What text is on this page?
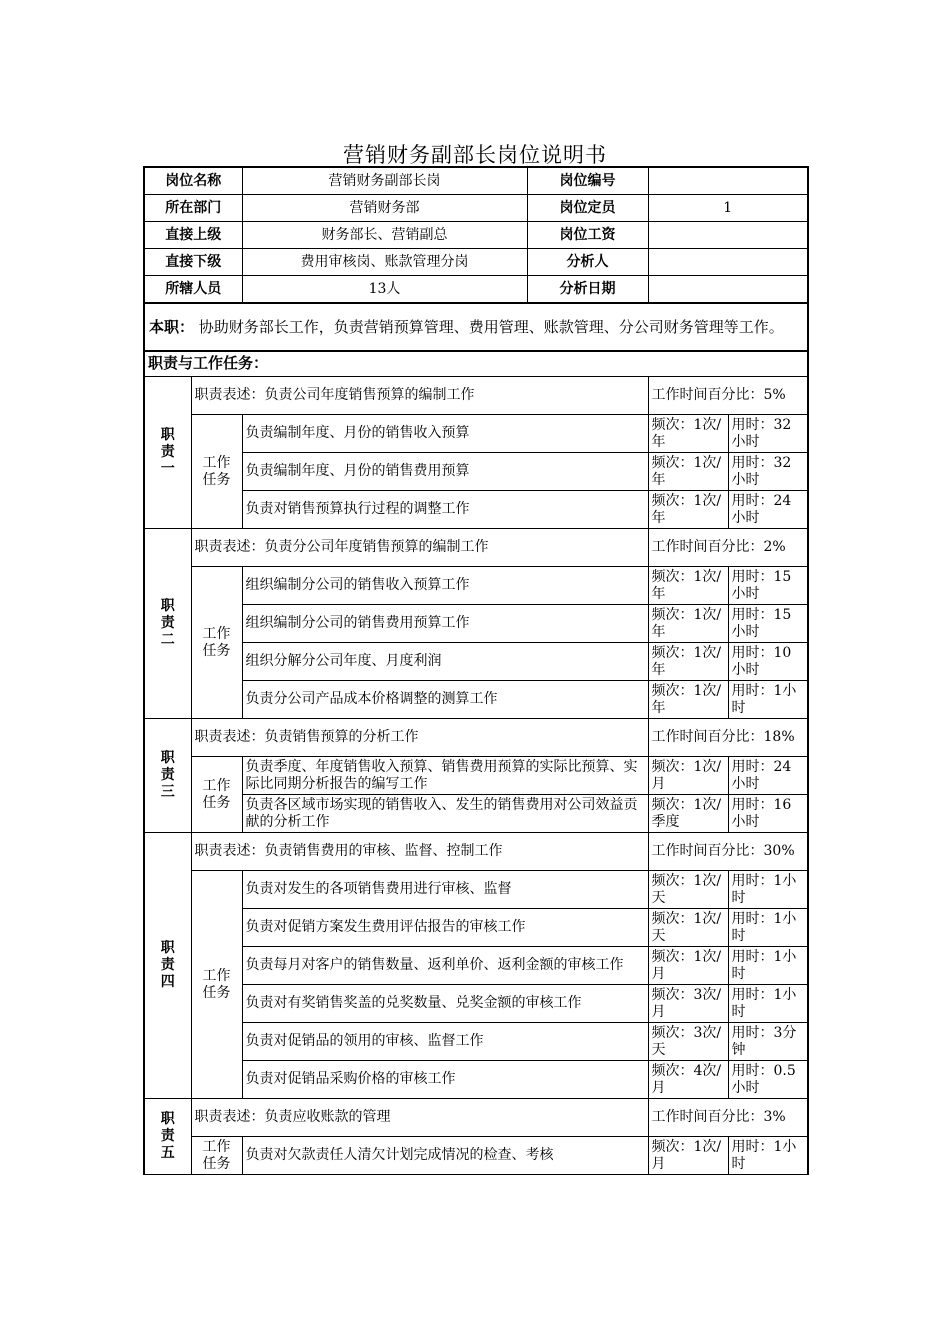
营销财务副部长岗位说明书
岗位名称		营销财务副部长岗	岗位编号		
所在部门		营销财务部	岗位定员	1	
直接上级		财务部长、营销副总	岗位工资		
直接下级		费用审核岗、账款管理分岗	分析人		
所辖人员		13人	分析日期		
本职： 协助财务部长工作，负责营销预算管理、费用管理、账款管理、分公司财务管理等工作。					
职责与工作任务：					

职
责
一	职责表述：负责公司年度销售预算的编制工作			工作时间百分比：5%	
	工作任务	负责编制年度、月份的销售收入预算		频次：1次/年	用时：32小时
		负责编制年度、月份的销售费用预算		频次：1次/年	用时：32小时
		负责对销售预算执行过程的调整工作		频次：1次/年	用时：24小时

职
责
二	职责表述：负责分公司年度销售预算的编制工作			工作时间百分比：2%	
	工作任务	组织编制分公司的销售收入预算工作		频次：1次/年	用时：15小时
		组织编制分公司的销售费用预算工作		频次：1次/年	用时：15小时
		组织分解分公司年度、月度利润		频次：1次/年	用时：10小时
		负责分公司产品成本价格调整的测算工作		频次：1次/年	用时：1小时

职
责
三	职责表述：负责销售预算的分析工作			工作时间百分比：18%	
	工作任务	负责季度、年度销售收入预算、销售费用预算的实际比预算、实际比同期分析报告的编写工作		频次：1次/月	用时：24小时
		负责各区域市场实现的销售收入、发生的销售费用对公司效益贡献的分析工作		频次：1次/季度	用时：16小时

职
责
四	职责表述：负责销售费用的审核、监督、控制工作			工作时间百分比：30%	
	工作任务	负责对发生的各项销售费用进行审核、监督		频次：1次/天	用时：1小时
		负责对促销方案发生费用评估报告的审核工作		频次：1次/天	用时：1小时
		负责每月对客户的销售数量、返利单价、返利金额的审核工作		频次：1次/月	用时：1小时
		负责对有奖销售奖盖的兑奖数量、兑奖金额的审核工作		频次：3次/月	用时：1小时
		负责对促销品的领用的审核、监督工作		频次：3次/天	用时：3分钟
		负责对促销品采购价格的审核工作		频次：4次/月	用时：0.5小时

职
责
五	职责表述：负责应收账款的管理			工作时间百分比：3%	
	工作任务	负责对欠款责任人清欠计划完成情况的检查、考核		频次：1次/月	用时：1小时
